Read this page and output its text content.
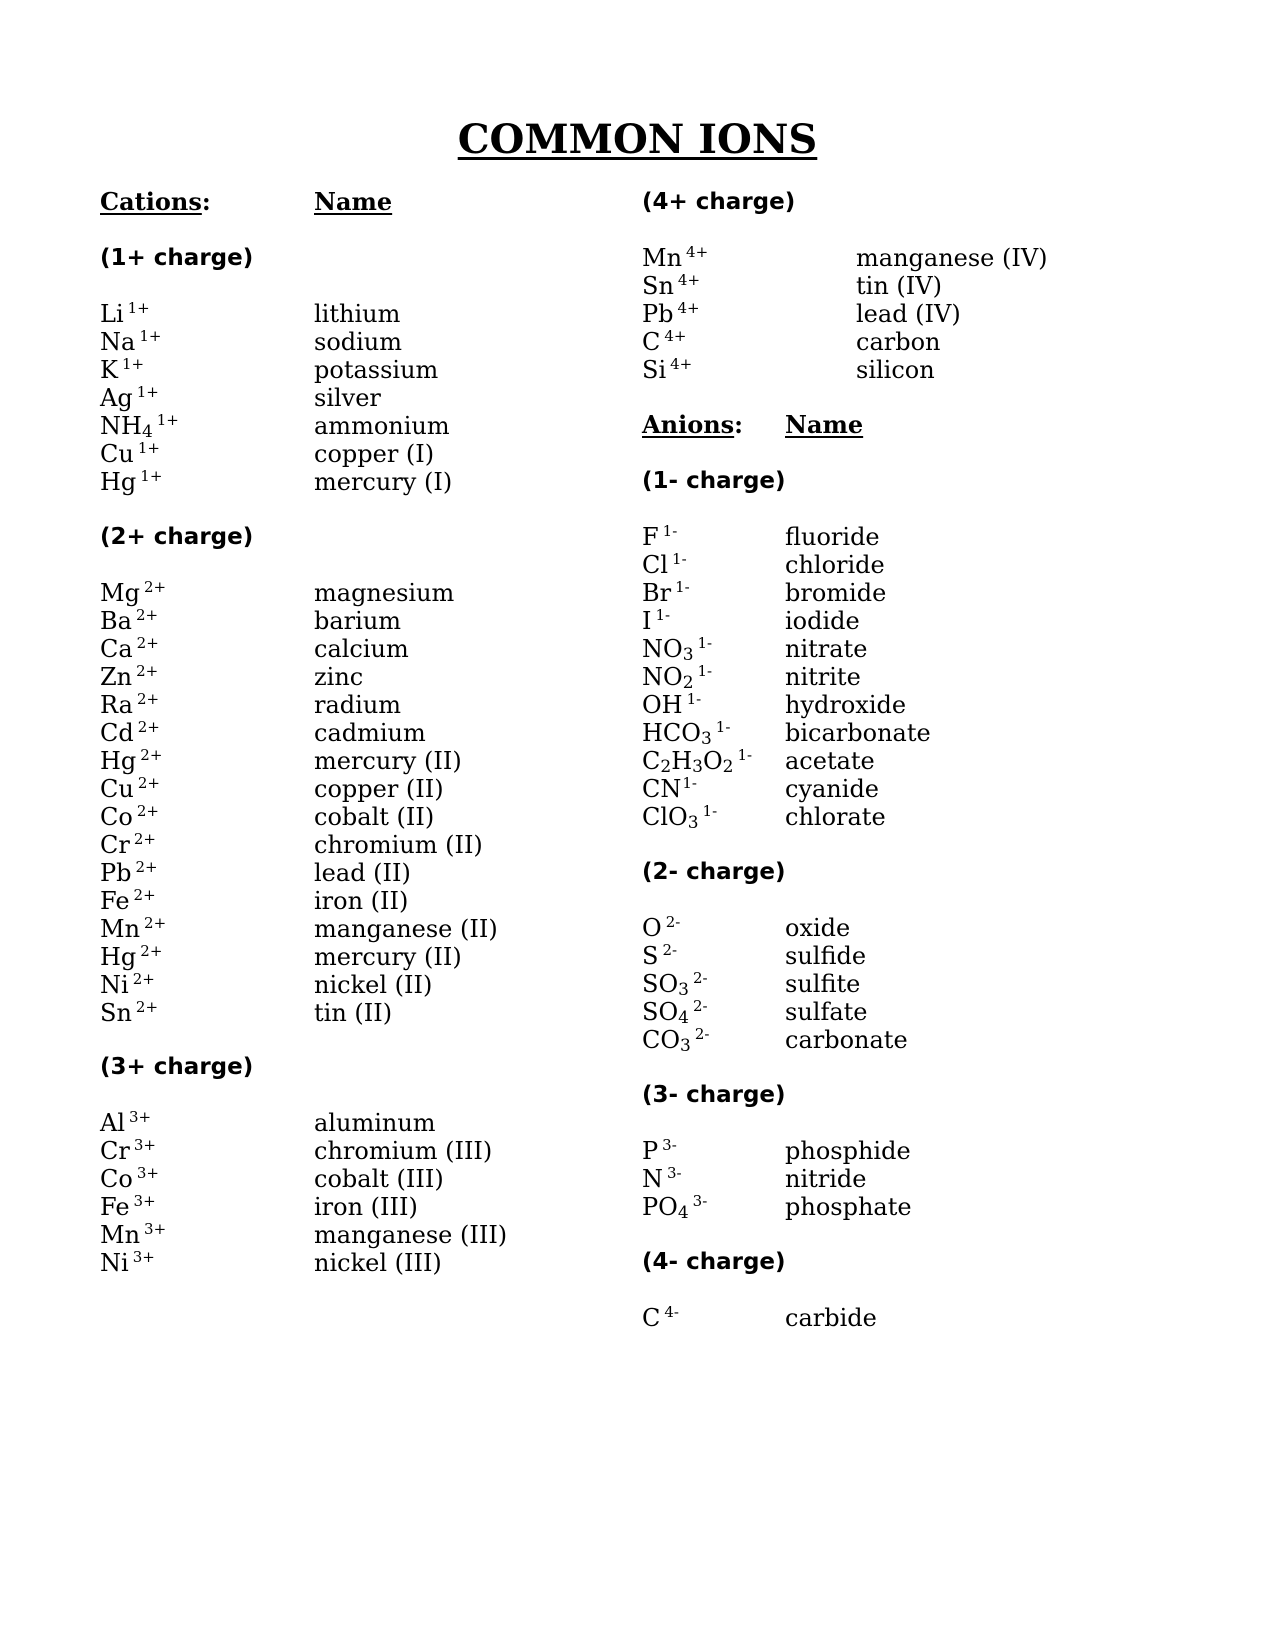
COMMON IONS
Cations:	Name
Anions: Name
(1+ charge)
Li $^{1+}$	lithium
Na $^{1+}$	sodium
K $^{1+}$	potassium
Ag $^{1+}$	silver
$NH4^{1+}$	ammonium
Cu $^{1+}$	copper (I)
Hg $^{1+}$	mercury (I)
(2+ charge)
Mg $^{2+}$	magnesium
Ba $^{2+}$	barium
Ca $^{2+}$	calcium
Zn $^{2+}$	zinc
Ra $^{2+}$	radium
Cd $^{2+}$	cadmium
Hg $^{2+}$	mercury (II)
Cu $^{2+}$	copper (II)
Co $^{2+}$	cobalt (II)
Cr $^{2+}$	chromium (II)
Pb $^{2+}$	lead (II)
Fe $^{2+}$	iron (II)
Mn $^{2+}$	manganese (II)
Hg $^{2+}$	mercury (II)
Ni $^{2+}$	nickel (II)
Sn $^{2+}$	tin (II)
(3+ charge)
Al $^{3+}$	aluminum
Cr $^{3+}$	chromium (III)
Co $^{3+}$	cobalt (III)
Fe $^{3+}$	iron (III)
Mn $^{3+}$	manganese (III)
Ni $^{3+}$	nickel (III)
(4+ charge)
Mn $^{4+}$	manganese (IV)
Sn $^{4+}$	tin (IV)
Pb $^{4+}$	lead (IV)
C $^{4+}$	carbon
Si $^{4+}$	silicon
(1- charge)
F $^{1-}$	fluoride
Cl $^{1-}$	chloride
Br $^{1-}$	bromide
I $^{1-}$	iodide
$NO3^{1-}$	nitrate
$NO2^{1-}$	nitrite
OH $^{1-}$	hydroxide
$HCO3^{1-}$ bicarbonate
$C2H3O2^{1-}$ acetate
$CN^{1-}$	cyanide
$ClO3^{1-}$	chlorate
(2- charge)
O $^{2-}$	oxide
S $^{2-}$	sulfide
$SO3^{2-}$	sulfite
$SO4^{2-}$	sulfate
$CO3^{2-}$	carbonate
(3- charge)
P $^{3-}$	phosphide
N $^{3-}$	nitride
$PO4^{3-}$	phosphate
(4- charge)
C $^{4-}$	carbide
